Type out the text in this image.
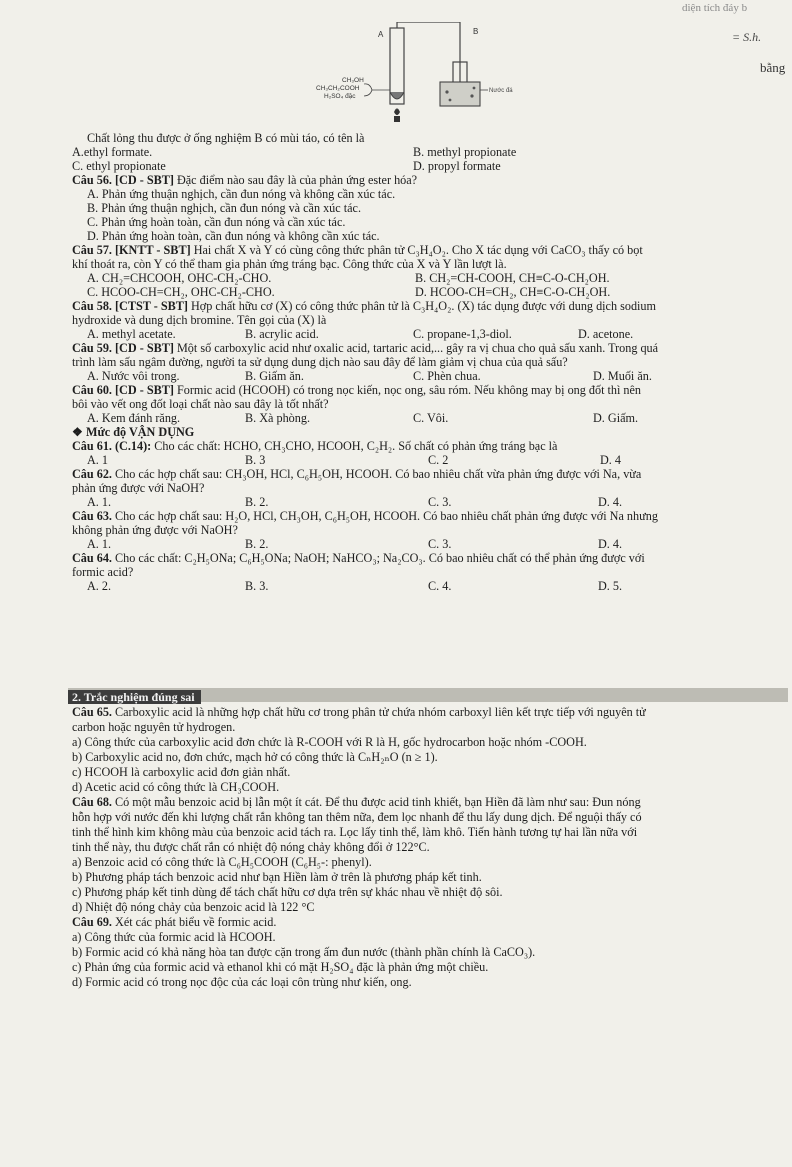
diện tích đáy b
= S.h.
bằng
A	B
Nước đá
CH₃OH
CH₃CH₂COOH
H₂SO₄ đặc
Chất lỏng thu được ở ống nghiệm B có mùi táo, có tên là
A.ethyl formate.	B. methyl propionate
C. ethyl propionate	D. propyl formate
Câu 56. [CD - SBT] Đặc điểm nào sau đây là của phản ứng ester hóa?
A. Phản ứng thuận nghịch, cần đun nóng và không cần xúc tác.
B. Phản ứng thuận nghịch, cần đun nóng và cần xúc tác.
C. Phản ứng hoàn toàn, cần đun nóng và cần xúc tác.
D. Phản ứng hoàn toàn, cần đun nóng và không cần xúc tác.
Câu 57. [KNTT - SBT] Hai chất X và Y có cùng công thức phân tử C₃H₄O₂. Cho X tác dụng với CaCO₃ thấy có bọt
khí thoát ra, còn Y có thể tham gia phản ứng tráng bạc. Công thức của X và Y lần lượt là.
A. CH₂=CHCOOH, OHC-CH₂-CHO.	B. CH₂=CH-COOH, CH≡C-O-CH₂OH.
C. HCOO-CH=CH₂, OHC-CH₂-CHO.	D. HCOO-CH=CH₂, CH≡C-O-CH₂OH.
Câu 58. [CTST - SBT] Hợp chất hữu cơ (X) có công thức phân tử là C₃H₄O₂. (X) tác dụng được với dung dịch sodium
hydroxide và dung dịch bromine. Tên gọi của (X) là
A. methyl acetate.	B. acrylic acid.	C. propane-1,3-diol.	D. acetone.
Câu 59. [CD - SBT] Một số carboxylic acid như oxalic acid, tartaric acid,... gây ra vị chua cho quả sấu xanh. Trong quá
trình làm sấu ngâm đường, người ta sử dụng dung dịch nào sau đây để làm giảm vị chua của quả sấu?
A. Nước vôi trong.	B. Giấm ăn.	C. Phèn chua.	D. Muối ăn.
Câu 60. [CD - SBT] Formic acid (HCOOH) có trong nọc kiến, nọc ong, sâu róm. Nếu không may bị ong đốt thì nên
bôi vào vết ong đốt loại chất nào sau đây là tốt nhất?
A. Kem đánh răng.	B. Xà phòng.	C. Vôi.	D. Giấm.
❖ Mức độ VẬN DỤNG
Câu 61. (C.14): Cho các chất: HCHO, CH₃CHO, HCOOH, C₂H₂. Số chất có phản ứng tráng bạc là
A. 1	B. 3	C. 2	D. 4
Câu 62. Cho các hợp chất sau: CH₃OH, HCl, C₆H₅OH, HCOOH. Có bao nhiêu chất vừa phản ứng được với Na, vừa
phản ứng được với NaOH?
A. 1.	B. 2.	C. 3.	D. 4.
Câu 63. Cho các hợp chất sau: H₂O, HCl, CH₃OH, C₆H₅OH, HCOOH. Có bao nhiêu chất phản ứng được với Na nhưng
không phản ứng được với NaOH?
A. 1.	B. 2.	C. 3.	D. 4.
Câu 64. Cho các chất: C₂H₅ONa; C₆H₅ONa; NaOH; NaHCO₃; Na₂CO₃. Có bao nhiêu chất có thể phản ứng được với
formic acid?
A. 2.	B. 3.	C. 4.	D. 5.
2. Trắc nghiệm đúng sai
Câu 65. Carboxylic acid là những hợp chất hữu cơ trong phân tử chứa nhóm carboxyl liên kết trực tiếp với nguyên tử
carbon hoặc nguyên tử hydrogen.
a) Công thức của carboxylic acid đơn chức là R-COOH với R là H, gốc hydrocarbon hoặc nhóm -COOH.
b) Carboxylic acid no, đơn chức, mạch hở có công thức là CₙH₂ₙO (n ≥ 1).
c) HCOOH là carboxylic acid đơn giản nhất.
d) Acetic acid có công thức là CH₃COOH.
Câu 68. Có một mẫu benzoic acid bị lẫn một ít cát. Để thu được acid tinh khiết, bạn Hiền đã làm như sau: Đun nóng
hỗn hợp với nước đến khi lượng chất rắn không tan thêm nữa, đem lọc nhanh để thu lấy dung dịch. Để nguội thấy có
tinh thể hình kim không màu của benzoic acid tách ra. Lọc lấy tinh thể, làm khô. Tiến hành tương tự hai lần nữa với
tinh thể này, thu được chất rắn có nhiệt độ nóng chảy không đổi ở 122°C.
a) Benzoic acid có công thức là C₆H₅COOH (C₆H₅-: phenyl).
b) Phương pháp tách benzoic acid như bạn Hiền làm ở trên là phương pháp kết tinh.
c) Phương pháp kết tinh dùng để tách chất hữu cơ dựa trên sự khác nhau về nhiệt độ sôi.
d) Nhiệt độ nóng chảy của benzoic acid là 122 °C
Câu 69. Xét các phát biểu về formic acid.
a) Công thức của formic acid là HCOOH.
b) Formic acid có khả năng hòa tan được cặn trong ấm đun nước (thành phần chính là CaCO₃).
c) Phản ứng của formic acid và ethanol khi có mặt H₂SO₄ đặc là phản ứng một chiều.
d) Formic acid có trong nọc độc của các loại côn trùng như kiến, ong.
